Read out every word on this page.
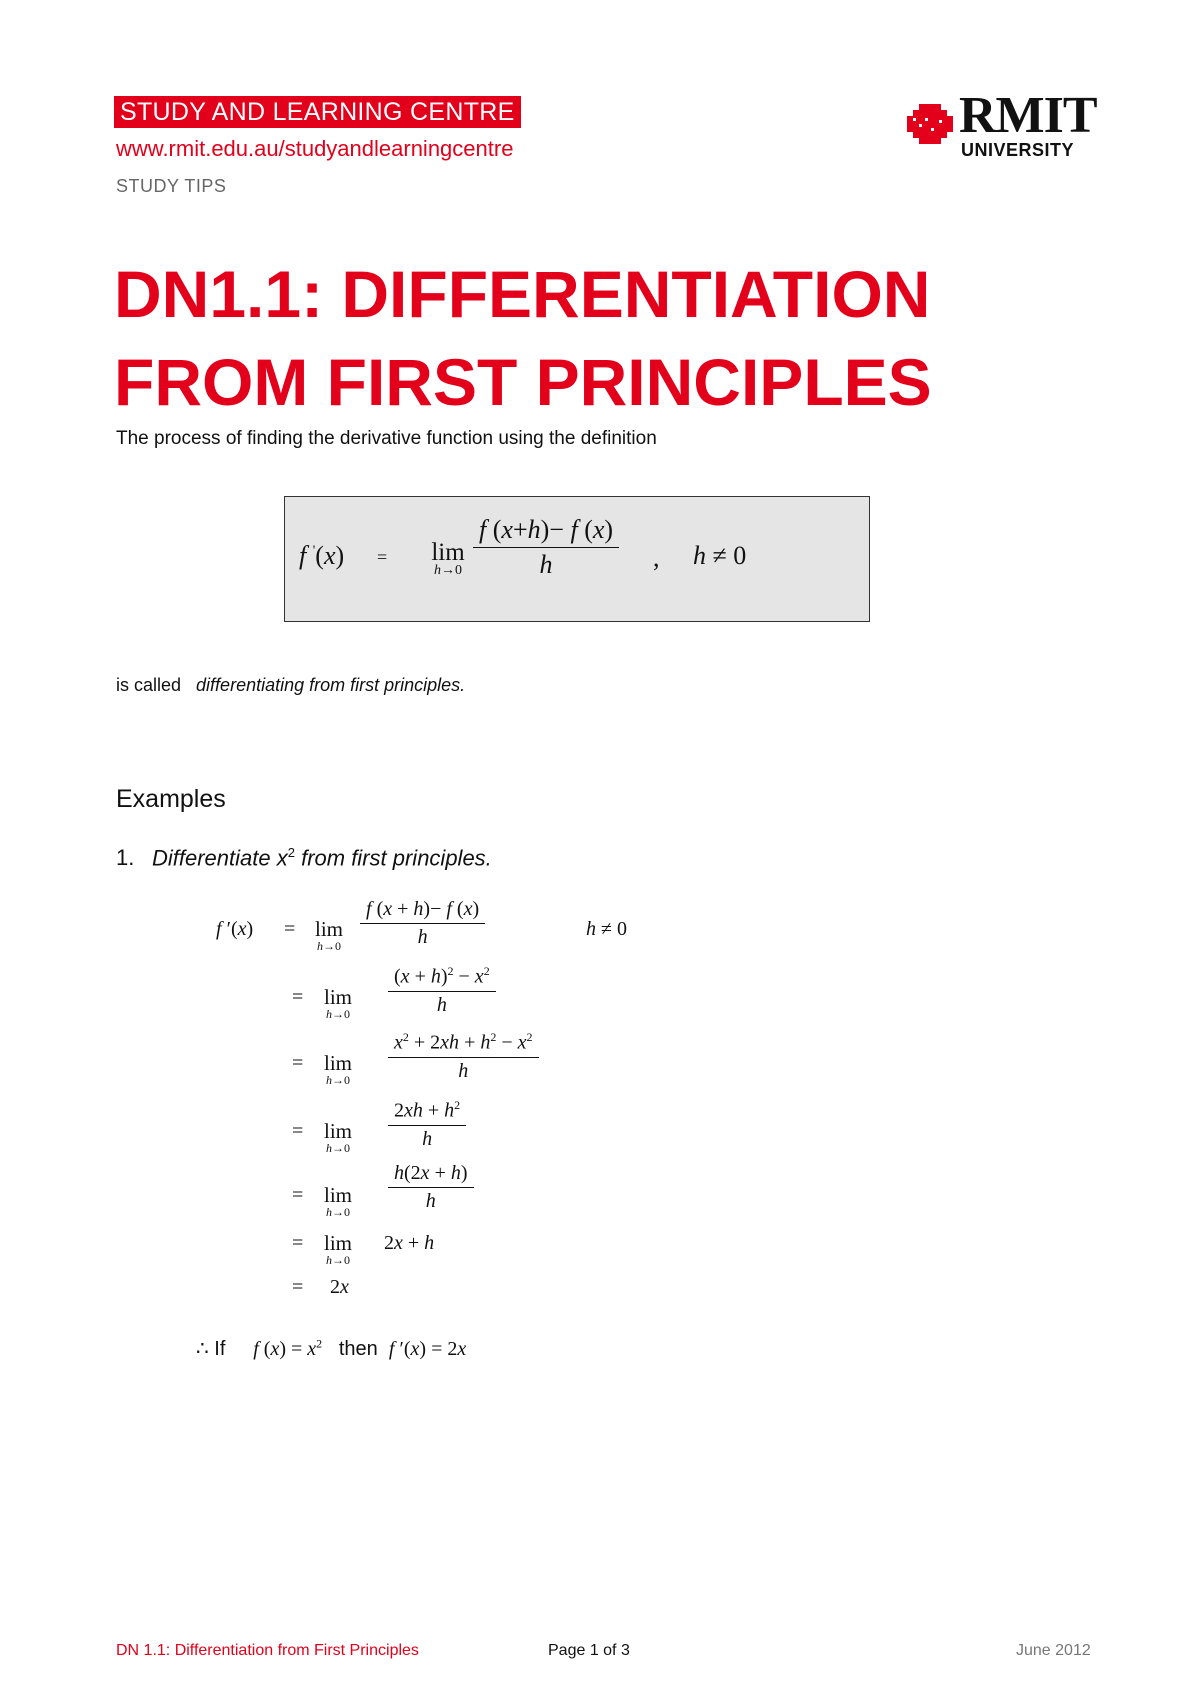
STUDY AND LEARNING CENTRE
www.rmit.edu.au/studyandlearningcentre
STUDY TIPS
RMIT
UNIVERSITY
DN1.1: DIFFERENTIATION
FROM FIRST PRINCIPLES
The process of finding the derivative function using the definition
f '(x) =	lim
$h\to 0 \frac{f (x+h)- f (x)}{h}$ , h ≠ 0
is called differentiating from first principles.
Examples
1. Differentiate $x^2$ from first principles.
f ′(x) = lim
$h\to 0 \frac{f (x + h)- f (x)}{h}$	h ≠ 0
= lim
h→0	$\frac{(x + h)^2 - x^2}{h}$
= lim
h→0	$\frac{x^2 + 2xh + h^2 - x^2}{h}$
= lim
h→0	$\frac{2xh + h^2}{h}$
= lim
h→0	$\frac{h(2x + h)}{h}$
= lim
h→0
2x + h
= 2x
∴ If f $(x) = x^2$ then f ′(x) = 2x
DN 1.1: Differentiation from First Principles	Page 1 of 3	June 2012
